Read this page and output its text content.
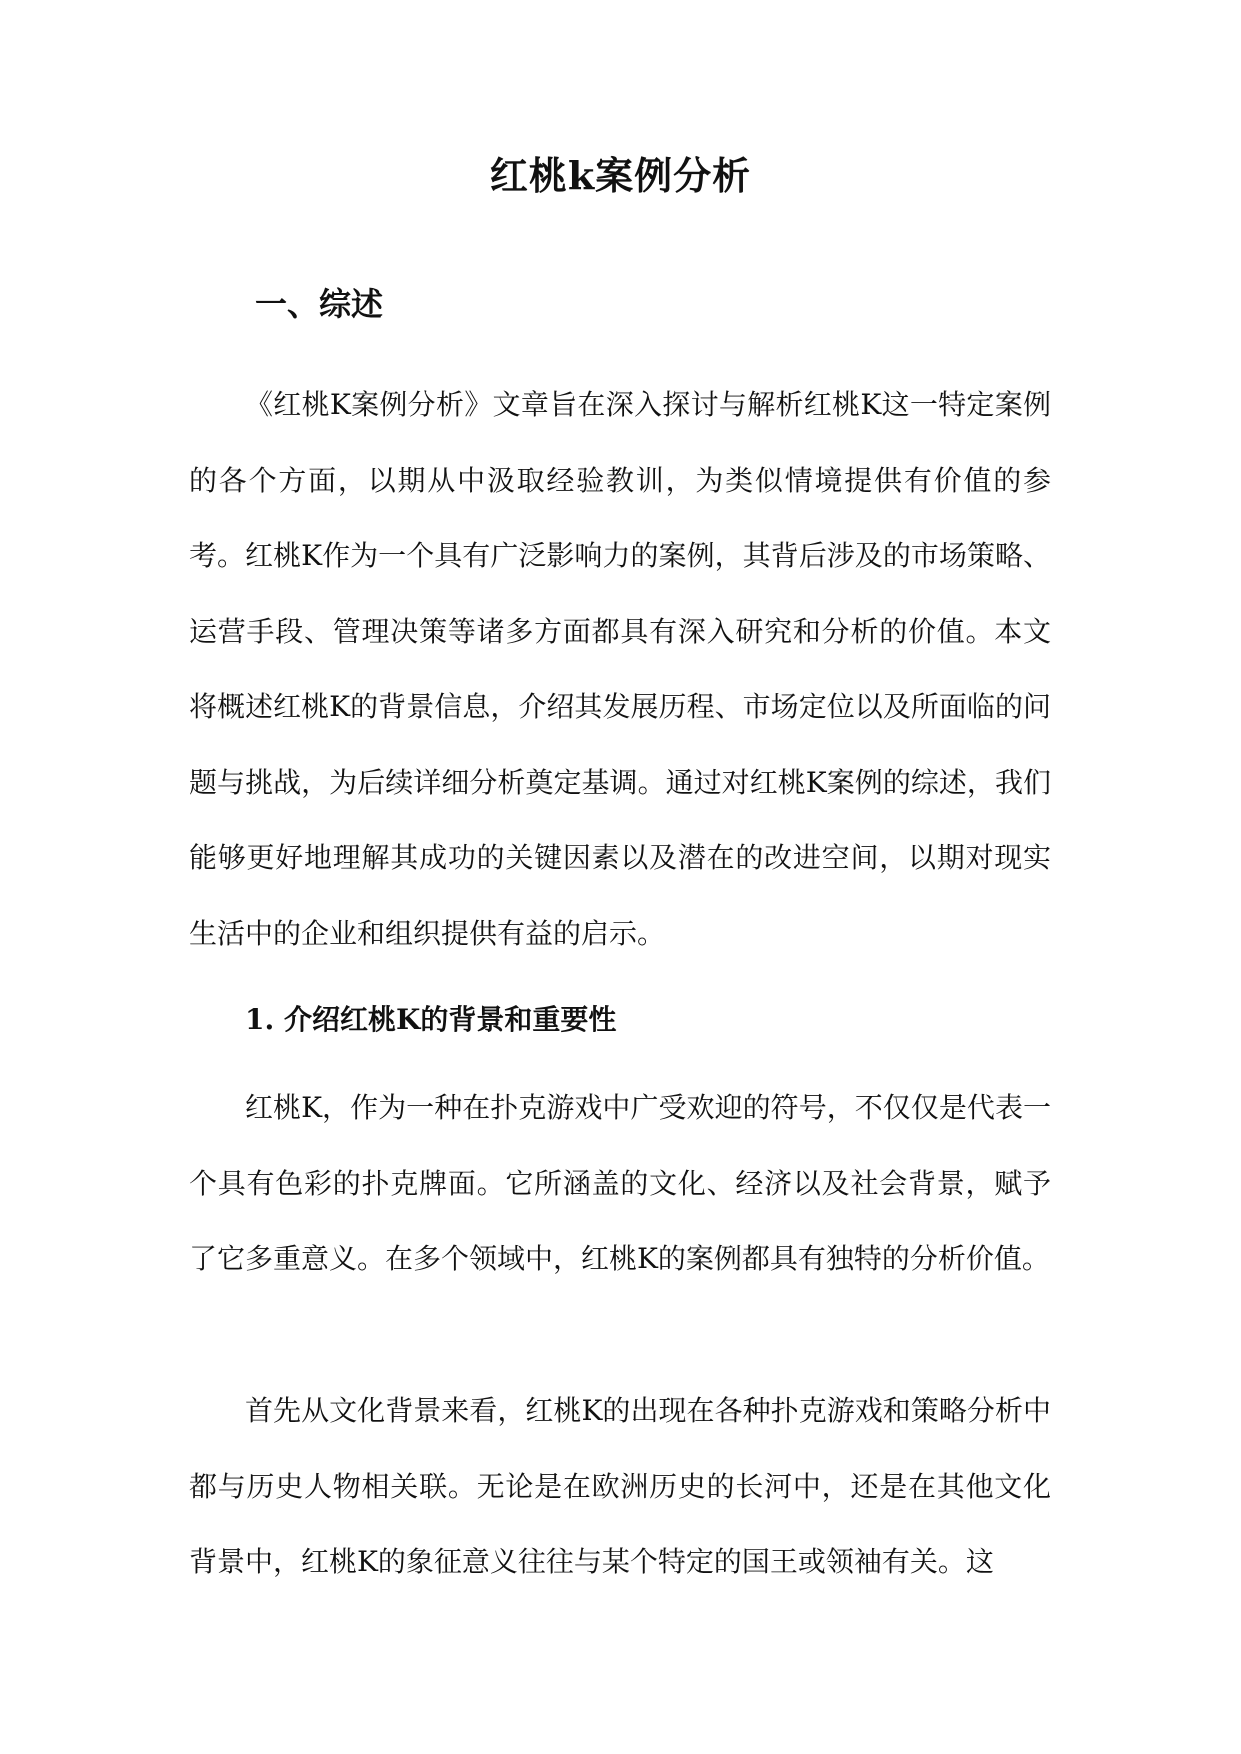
红桃k案例分析
一、综述

《红桃K案例分析》文章旨在深入探讨与解析红桃K这一特定案例的各个方面，以期从中汲取经验教训，为类似情境提供有价值的参考。红桃K作为一个具有广泛影响力的案例，其背后涉及的市场策略、运营手段、管理决策等诸多方面都具有深入研究和分析的价值。本文将概述红桃K的背景信息，介绍其发展历程、市场定位以及所面临的问题与挑战，为后续详细分析奠定基调。通过对红桃K案例的综述，我们能够更好地理解其成功的关键因素以及潜在的改进空间，以期对现实生活中的企业和组织提供有益的启示。

1. 介绍红桃K的背景和重要性

红桃K，作为一种在扑克游戏中广受欢迎的符号，不仅仅是代表一个具有色彩的扑克牌面。它所涵盖的文化、经济以及社会背景，赋予了它多重意义。在多个领域中，红桃K的案例都具有独特的分析价值。

首先从文化背景来看，红桃K的出现在各种扑克游戏和策略分析中都与历史人物相关联。无论是在欧洲历史的长河中，还是在其他文化背景中，红桃K的象征意义往往与某个特定的国王或领袖有关。这
